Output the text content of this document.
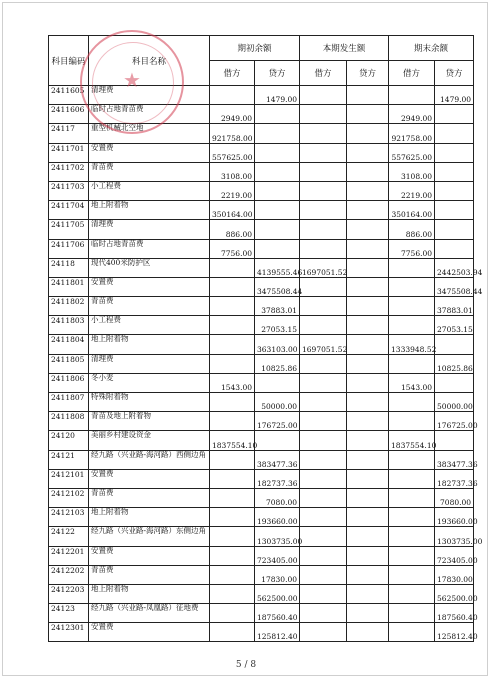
科目编码	科目名称	期初余额		本期发生额		期末余额	
		借方	贷方	借方	贷方	借方	贷方
2411605	清理费		1479.00				1479.00
2411606	临时占地青苗费	2949.00				2949.00	
24117	重型机械北空地	921758.00				921758.00	
2411701	安置费	557625.00				557625.00	
2411702	青苗费	3108.00				3108.00	
2411703	小工程费	2219.00				2219.00	
2411704	地上附着物	350164.00				350164.00	
2411705	清理费	886.00				886.00	
2411706	临时占地青苗费	7756.00				7756.00	
24118	现代400米防护区		4139555.46	1697051.52			2442503.94
2411801	安置费		3475508.44				3475508.44
2411802	青苗费		37883.01				37883.01
2411803	小工程费		27053.15				27053.15
2411804	地上附着物		363103.00	1697051.52		1333948.52	
2411805	清理费		10825.86				10825.86
2411806	冬小麦	1543.00				1543.00	
2411807	特殊附着物		50000.00				50000.00
2411808	青苗及地上附着物		176725.00				176725.00
24120	美丽乡村建设资金	1837554.10				1837554.10	
24121	经九路（兴业路-海河路）西侧边角		383477.36				383477.36
2412101	安置费		182737.36				182737.36
2412102	青苗费		7080.00				7080.00
2412103	地上附着物		193660.00				193660.00
24122	经九路（兴业路-海河路）东侧边角		1303735.00				1303735.00
2412201	安置费		723405.00				723405.00
2412202	青苗费		17830.00				17830.00
2412203	地上附着物		562500.00				562500.00
24123	经九路（兴业路-凤凰路）征地费		187560.40				187560.40
2412301	安置费		125812.40				125812.40
★
5 / 8
